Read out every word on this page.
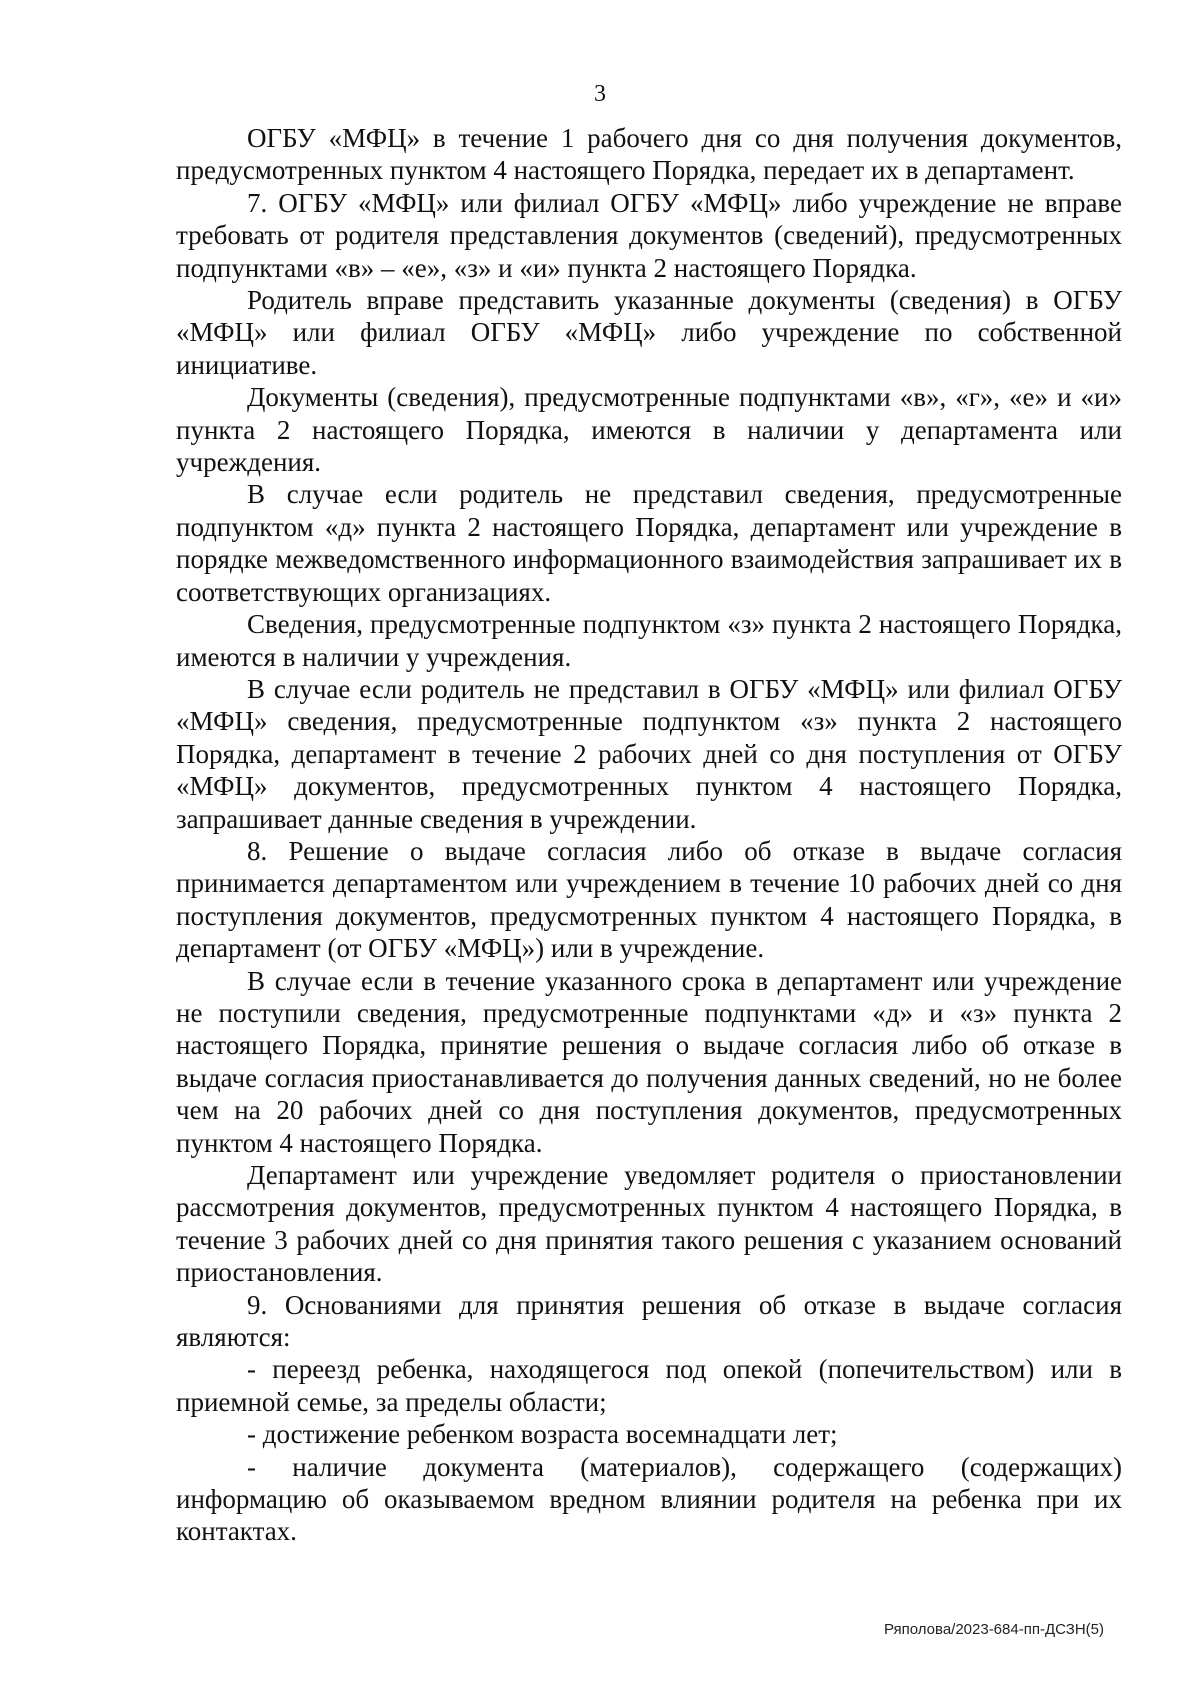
3

ОГБУ «МФЦ» в течение 1 рабочего дня со дня получения документов, предусмотренных пунктом 4 настоящего Порядка, передает их в департамент.

7. ОГБУ «МФЦ» или филиал ОГБУ «МФЦ» либо учреждение не вправе требовать от родителя представления документов (сведений), предусмотренных подпунктами «в» – «е», «з» и «и» пункта 2 настоящего Порядка.

Родитель вправе представить указанные документы (сведения) в ОГБУ «МФЦ» или филиал ОГБУ «МФЦ» либо учреждение по собственной инициативе.

Документы (сведения), предусмотренные подпунктами «в», «г», «е» и «и» пункта 2 настоящего Порядка, имеются в наличии у департамента или учреждения.

В случае если родитель не представил сведения, предусмотренные подпунктом «д» пункта 2 настоящего Порядка, департамент или учреждение в порядке межведомственного информационного взаимодействия запрашивает их в соответствующих организациях.

Сведения, предусмотренные подпунктом «з» пункта 2 настоящего Порядка, имеются в наличии у учреждения.

В случае если родитель не представил в ОГБУ «МФЦ» или филиал ОГБУ «МФЦ» сведения, предусмотренные подпунктом «з» пункта 2 настоящего Порядка, департамент в течение 2 рабочих дней со дня поступления от ОГБУ «МФЦ» документов, предусмотренных пунктом 4 настоящего Порядка, запрашивает данные сведения в учреждении.

8. Решение о выдаче согласия либо об отказе в выдаче согласия принимается департаментом или учреждением в течение 10 рабочих дней со дня поступления документов, предусмотренных пунктом 4 настоящего Порядка, в департамент (от ОГБУ «МФЦ») или в учреждение.

В случае если в течение указанного срока в департамент или учреждение не поступили сведения, предусмотренные подпунктами «д» и «з» пункта 2 настоящего Порядка, принятие решения о выдаче согласия либо об отказе в выдаче согласия приостанавливается до получения данных сведений, но не более чем на 20 рабочих дней со дня поступления документов, предусмотренных пунктом 4 настоящего Порядка.

Департамент или учреждение уведомляет родителя о приостановлении рассмотрения документов, предусмотренных пунктом 4 настоящего Порядка, в течение 3 рабочих дней со дня принятия такого решения с указанием оснований приостановления.

9. Основаниями для принятия решения об отказе в выдаче согласия являются:

- переезд ребенка, находящегося под опекой (попечительством) или в приемной семье, за пределы области;

- достижение ребенком возраста восемнадцати лет;

- наличие документа (материалов), содержащего (содержащих) информацию об оказываемом вредном влиянии родителя на ребенка при их контактах.

Ряполова/2023-684-пп-ДСЗН(5)
